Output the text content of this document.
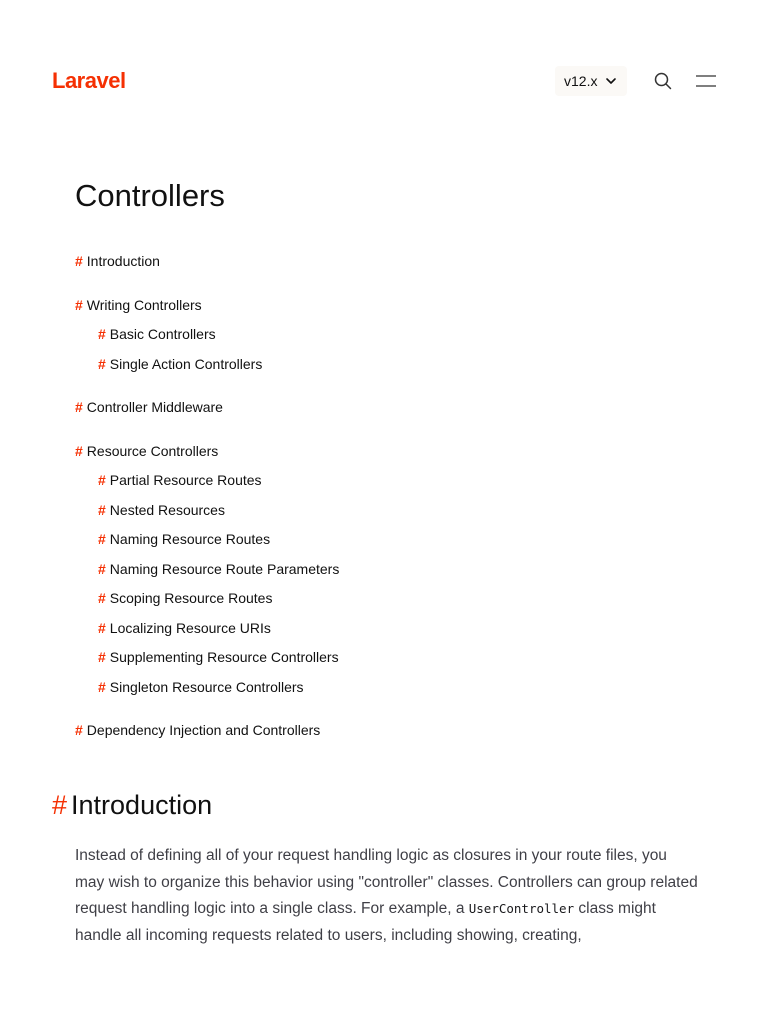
Laravel	v12.x
Controllers
# Introduction
# Writing Controllers
# Basic Controllers
# Single Action Controllers
# Controller Middleware
# Resource Controllers
# Partial Resource Routes
# Nested Resources
# Naming Resource Routes
# Naming Resource Route Parameters
# Scoping Resource Routes
# Localizing Resource URIs
# Supplementing Resource Controllers
# Singleton Resource Controllers
# Dependency Injection and Controllers
# Introduction

Instead of defining all of your request handling logic as closures in your route files, you may wish to organize this behavior using "controller" classes. Controllers can group related request handling logic into a single class. For example, a UserController class might handle all incoming requests related to users, including showing, creating,
